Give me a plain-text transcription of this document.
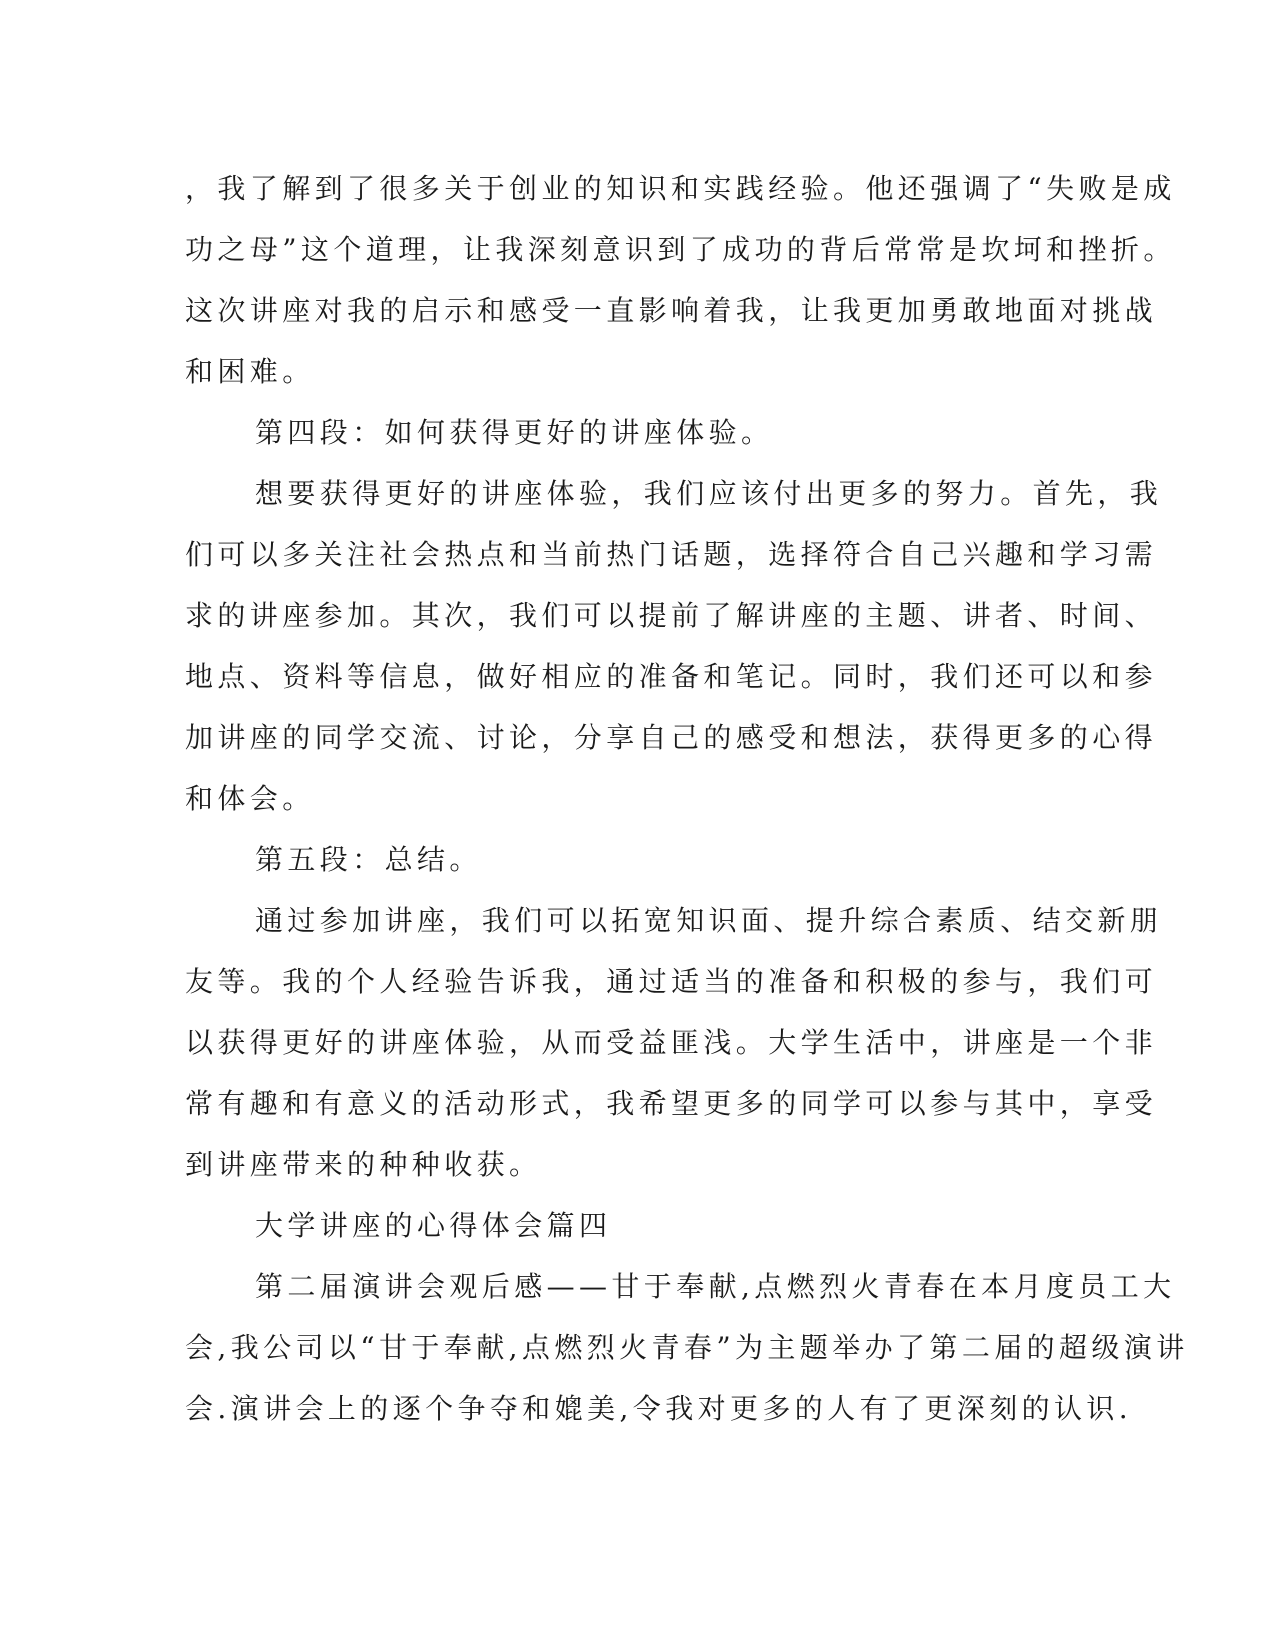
，我了解到了很多关于创业的知识和实践经验。他还强调了“失败是成
功之母”这个道理，让我深刻意识到了成功的背后常常是坎坷和挫折。
这次讲座对我的启示和感受一直影响着我，让我更加勇敢地面对挑战
和困难。
第四段：如何获得更好的讲座体验。
想要获得更好的讲座体验，我们应该付出更多的努力。首先，我
们可以多关注社会热点和当前热门话题，选择符合自己兴趣和学习需
求的讲座参加。其次，我们可以提前了解讲座的主题、讲者、时间、
地点、资料等信息，做好相应的准备和笔记。同时，我们还可以和参
加讲座的同学交流、讨论，分享自己的感受和想法，获得更多的心得
和体会。
第五段：总结。
通过参加讲座，我们可以拓宽知识面、提升综合素质、结交新朋
友等。我的个人经验告诉我，通过适当的准备和积极的参与，我们可
以获得更好的讲座体验，从而受益匪浅。大学生活中，讲座是一个非
常有趣和有意义的活动形式，我希望更多的同学可以参与其中，享受
到讲座带来的种种收获。
大学讲座的心得体会篇四
第二届演讲会观后感——甘于奉献,点燃烈火青春在本月度员工大
会,我公司以“甘于奉献,点燃烈火青春”为主题举办了第二届的超级演讲
会.演讲会上的逐个争夺和媲美,令我对更多的人有了更深刻的认识.
